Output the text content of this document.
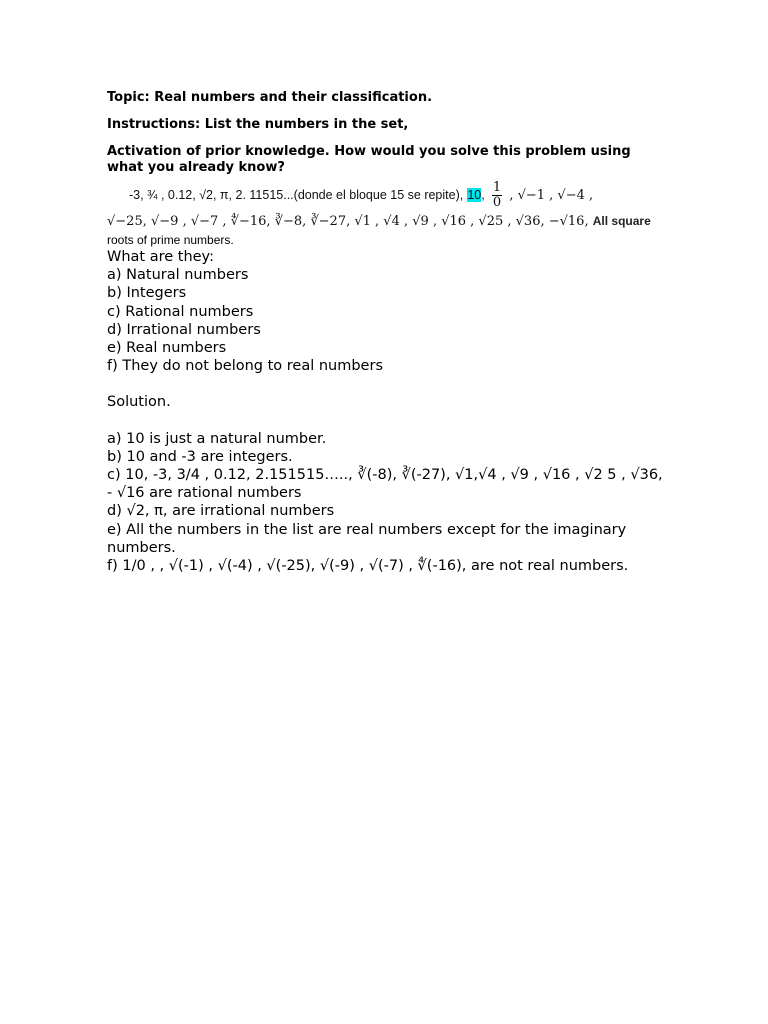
Topic: Real numbers and their classification.

Instructions: List the numbers in the set,

Activation of prior knowledge. How would you solve this problem using what you already know?

-3, ¾ , 0.12, √2, π, 2. 11515...(donde el bloque 15 se repite), 10, $\frac{1}{0}$ , √−1 , √−4 ,
√−25, √−9 , √−7 , ∜−16, ∛−8, ∛−27, √1 , √4 , √9 , √16 , √25 , √36, −√16, All square
roots of prime numbers.

What are they:

a) Natural numbers

b) Integers

c) Rational numbers

d) Irrational numbers

e) Real numbers

f) They do not belong to real numbers

Solution.

a) 10 is just a natural number.

b) 10 and -3 are integers.

c) 10, -3, 3/4 , 0.12, 2.151515….., ∛(-8), ∛(-27), √1,√4 , √9 , √16 , √2 5 , √36, - √16 are rational numbers

d) √2, π, are irrational numbers

e) All the numbers in the list are real numbers except for the imaginary numbers.

f) 1/0 , , √(-1) , √(-4) , √(-25), √(-9) , √(-7) , ∜(-16), are not real numbers.
